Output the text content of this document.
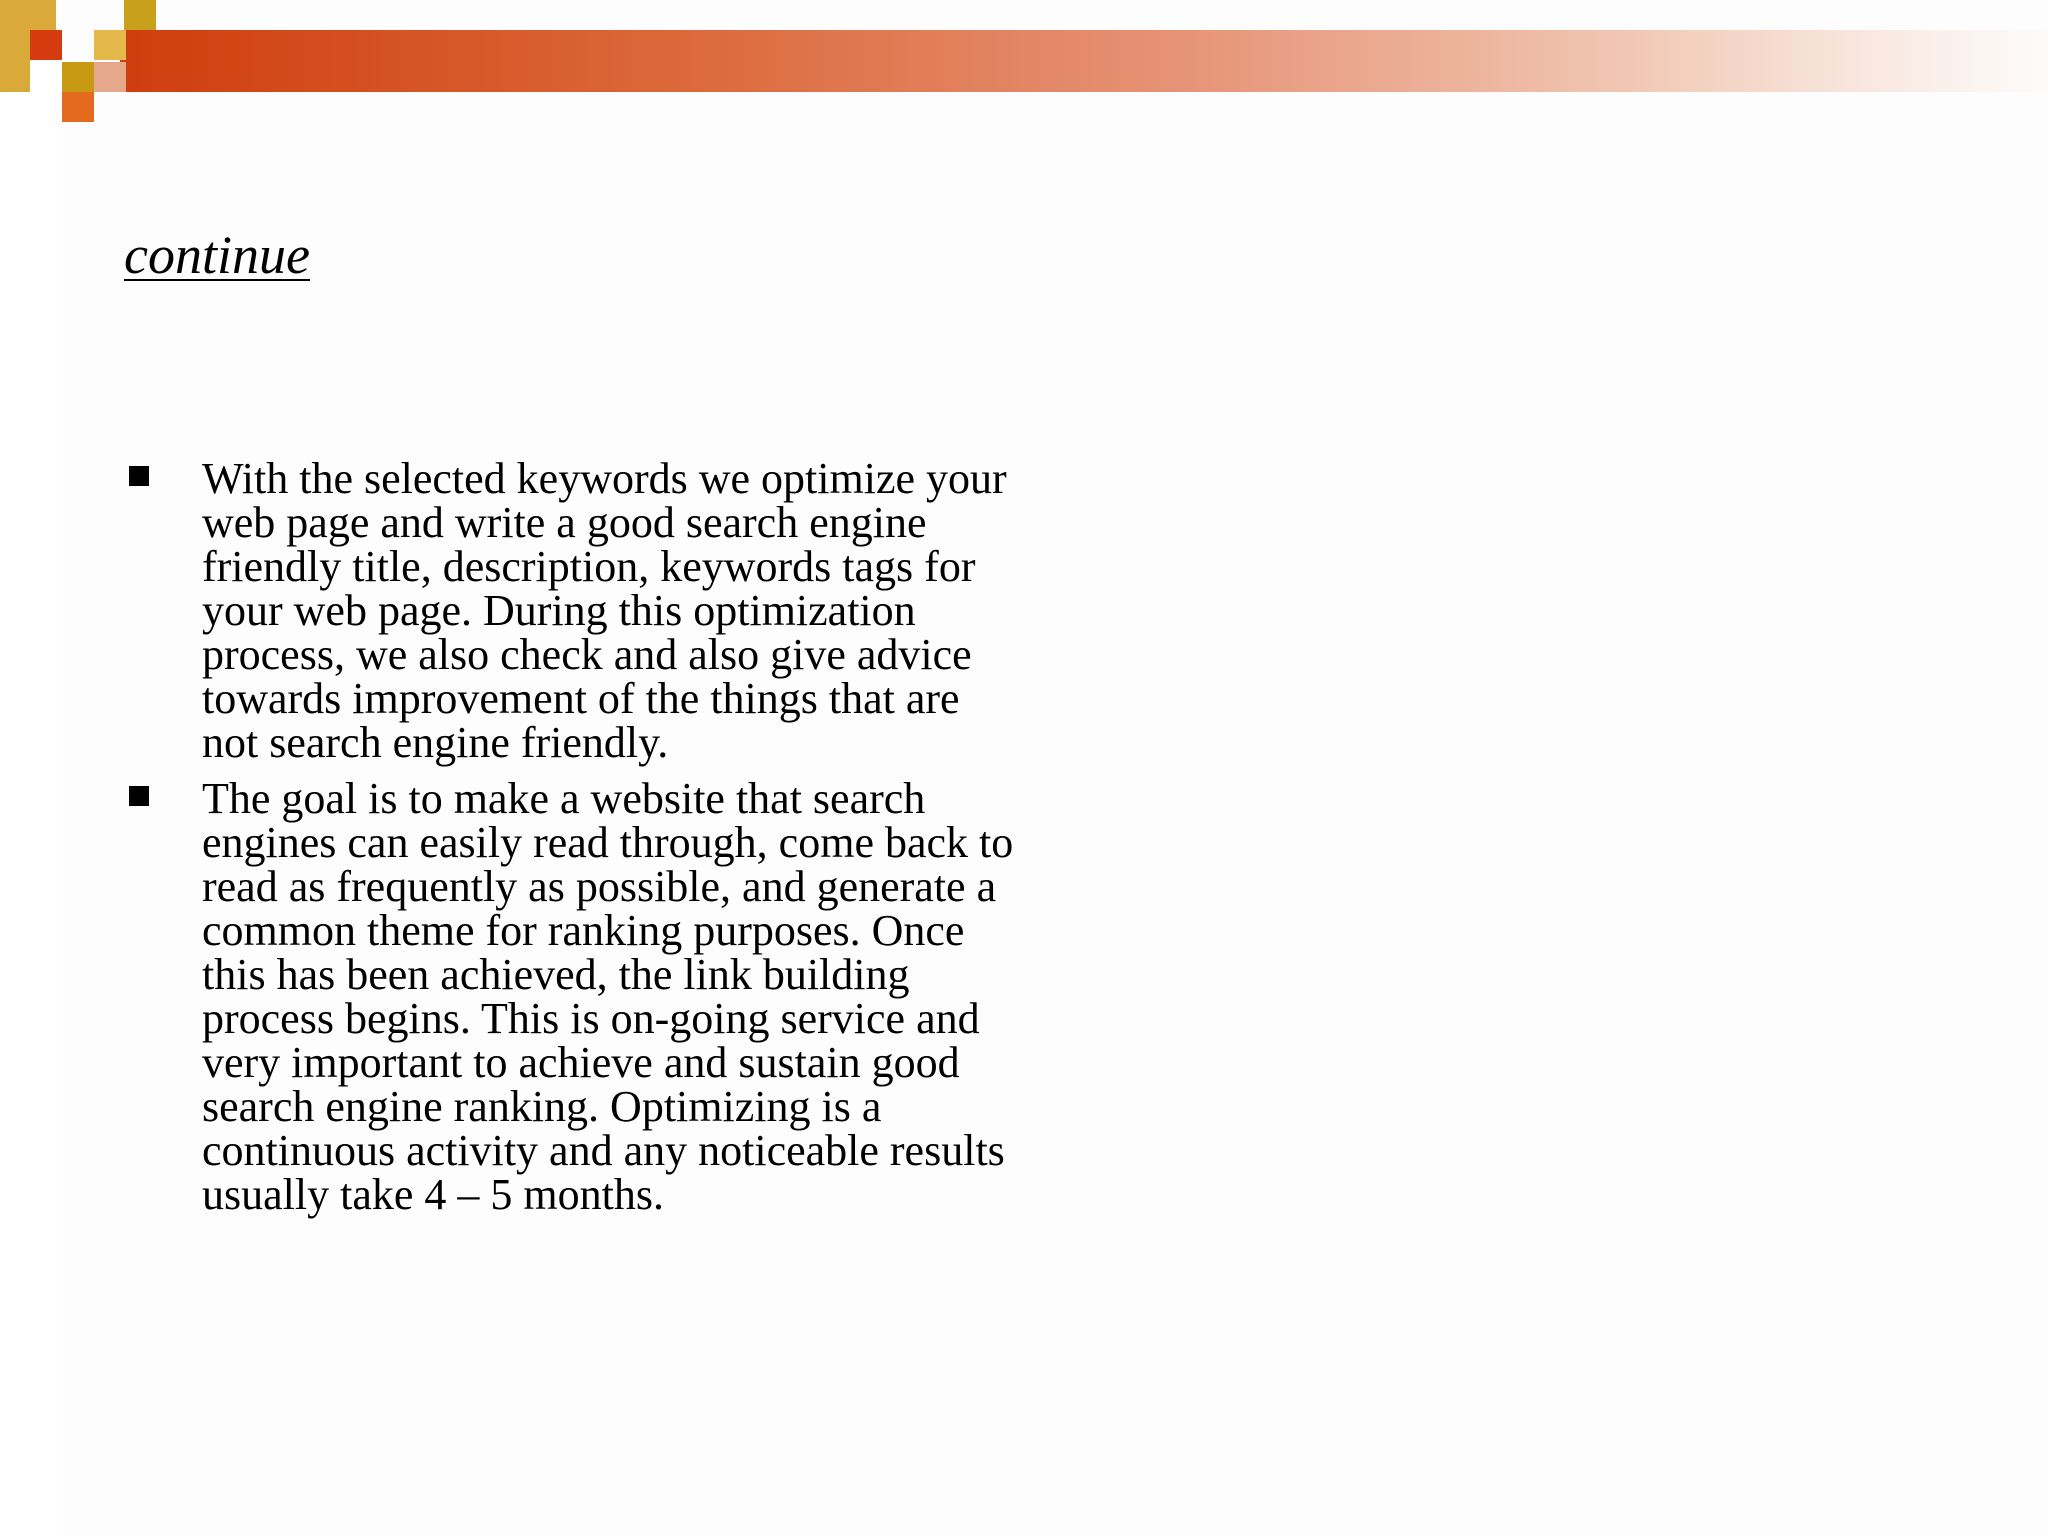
continue
With the selected keywords we optimize your web page and write a good search engine friendly title, description, keywords tags for your web page. During this optimization process, we also check and also give advice towards improvement of the things that are not search engine friendly.
The goal is to make a website that search engines can easily read through, come back to read as frequently as possible, and generate a common theme for ranking purposes. Once this has been achieved, the link building process begins. This is on-going service and very important to achieve and sustain good search engine ranking. Optimizing is a continuous activity and any noticeable results usually take 4 – 5 months.
